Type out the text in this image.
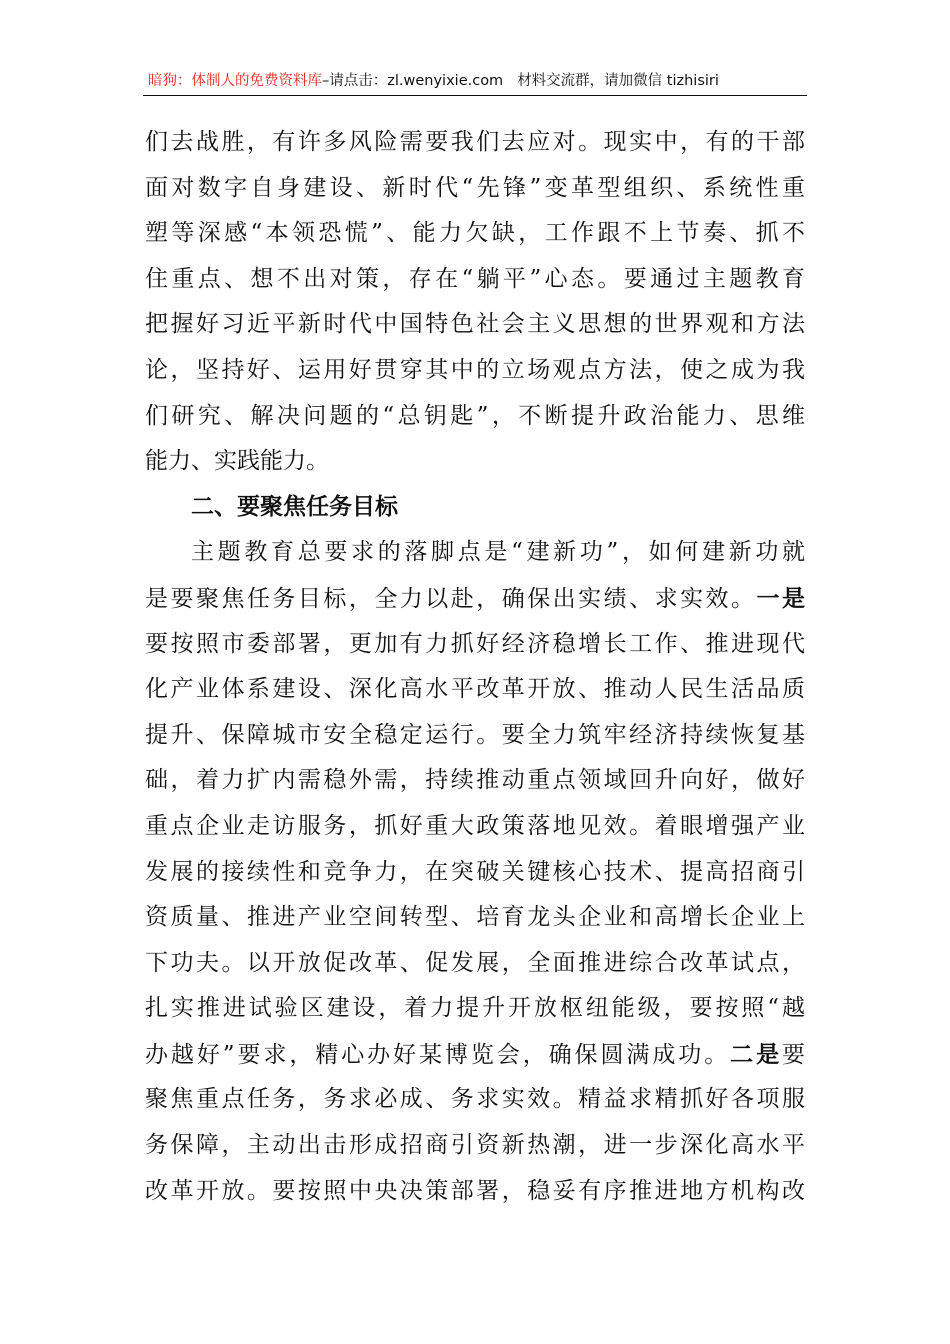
暗狗：体制人的免费资料库–请点击：zl.wenyixie.com 材料交流群，请加微信 tizhisiri
们去战胜，有许多风险需要我们去应对。现实中，有的干部
面对数字自身建设、新时代“先锋”变革型组织、系统性重
塑等深感“本领恐慌”、能力欠缺，工作跟不上节奏、抓不
住重点、想不出对策，存在“躺平”心态。要通过主题教育
把握好习近平新时代中国特色社会主义思想的世界观和方法
论，坚持好、运用好贯穿其中的立场观点方法，使之成为我
们研究、解决问题的“总钥匙”，不断提升政治能力、思维
能力、实践能力。
二、要聚焦任务目标
主题教育总要求的落脚点是“建新功”，如何建新功就
是要聚焦任务目标，全力以赴，确保出实绩、求实效。一是
要按照市委部署，更加有力抓好经济稳增长工作、推进现代
化产业体系建设、深化高水平改革开放、推动人民生活品质
提升、保障城市安全稳定运行。要全力筑牢经济持续恢复基
础，着力扩内需稳外需，持续推动重点领域回升向好，做好
重点企业走访服务，抓好重大政策落地见效。着眼增强产业
发展的接续性和竞争力，在突破关键核心技术、提高招商引
资质量、推进产业空间转型、培育龙头企业和高增长企业上
下功夫。以开放促改革、促发展，全面推进综合改革试点，
扎实推进试验区建设，着力提升开放枢纽能级，要按照“越
办越好”要求，精心办好某博览会，确保圆满成功。二是要
聚焦重点任务，务求必成、务求实效。精益求精抓好各项服
务保障，主动出击形成招商引资新热潮，进一步深化高水平
改革开放。要按照中央决策部署，稳妥有序推进地方机构改
